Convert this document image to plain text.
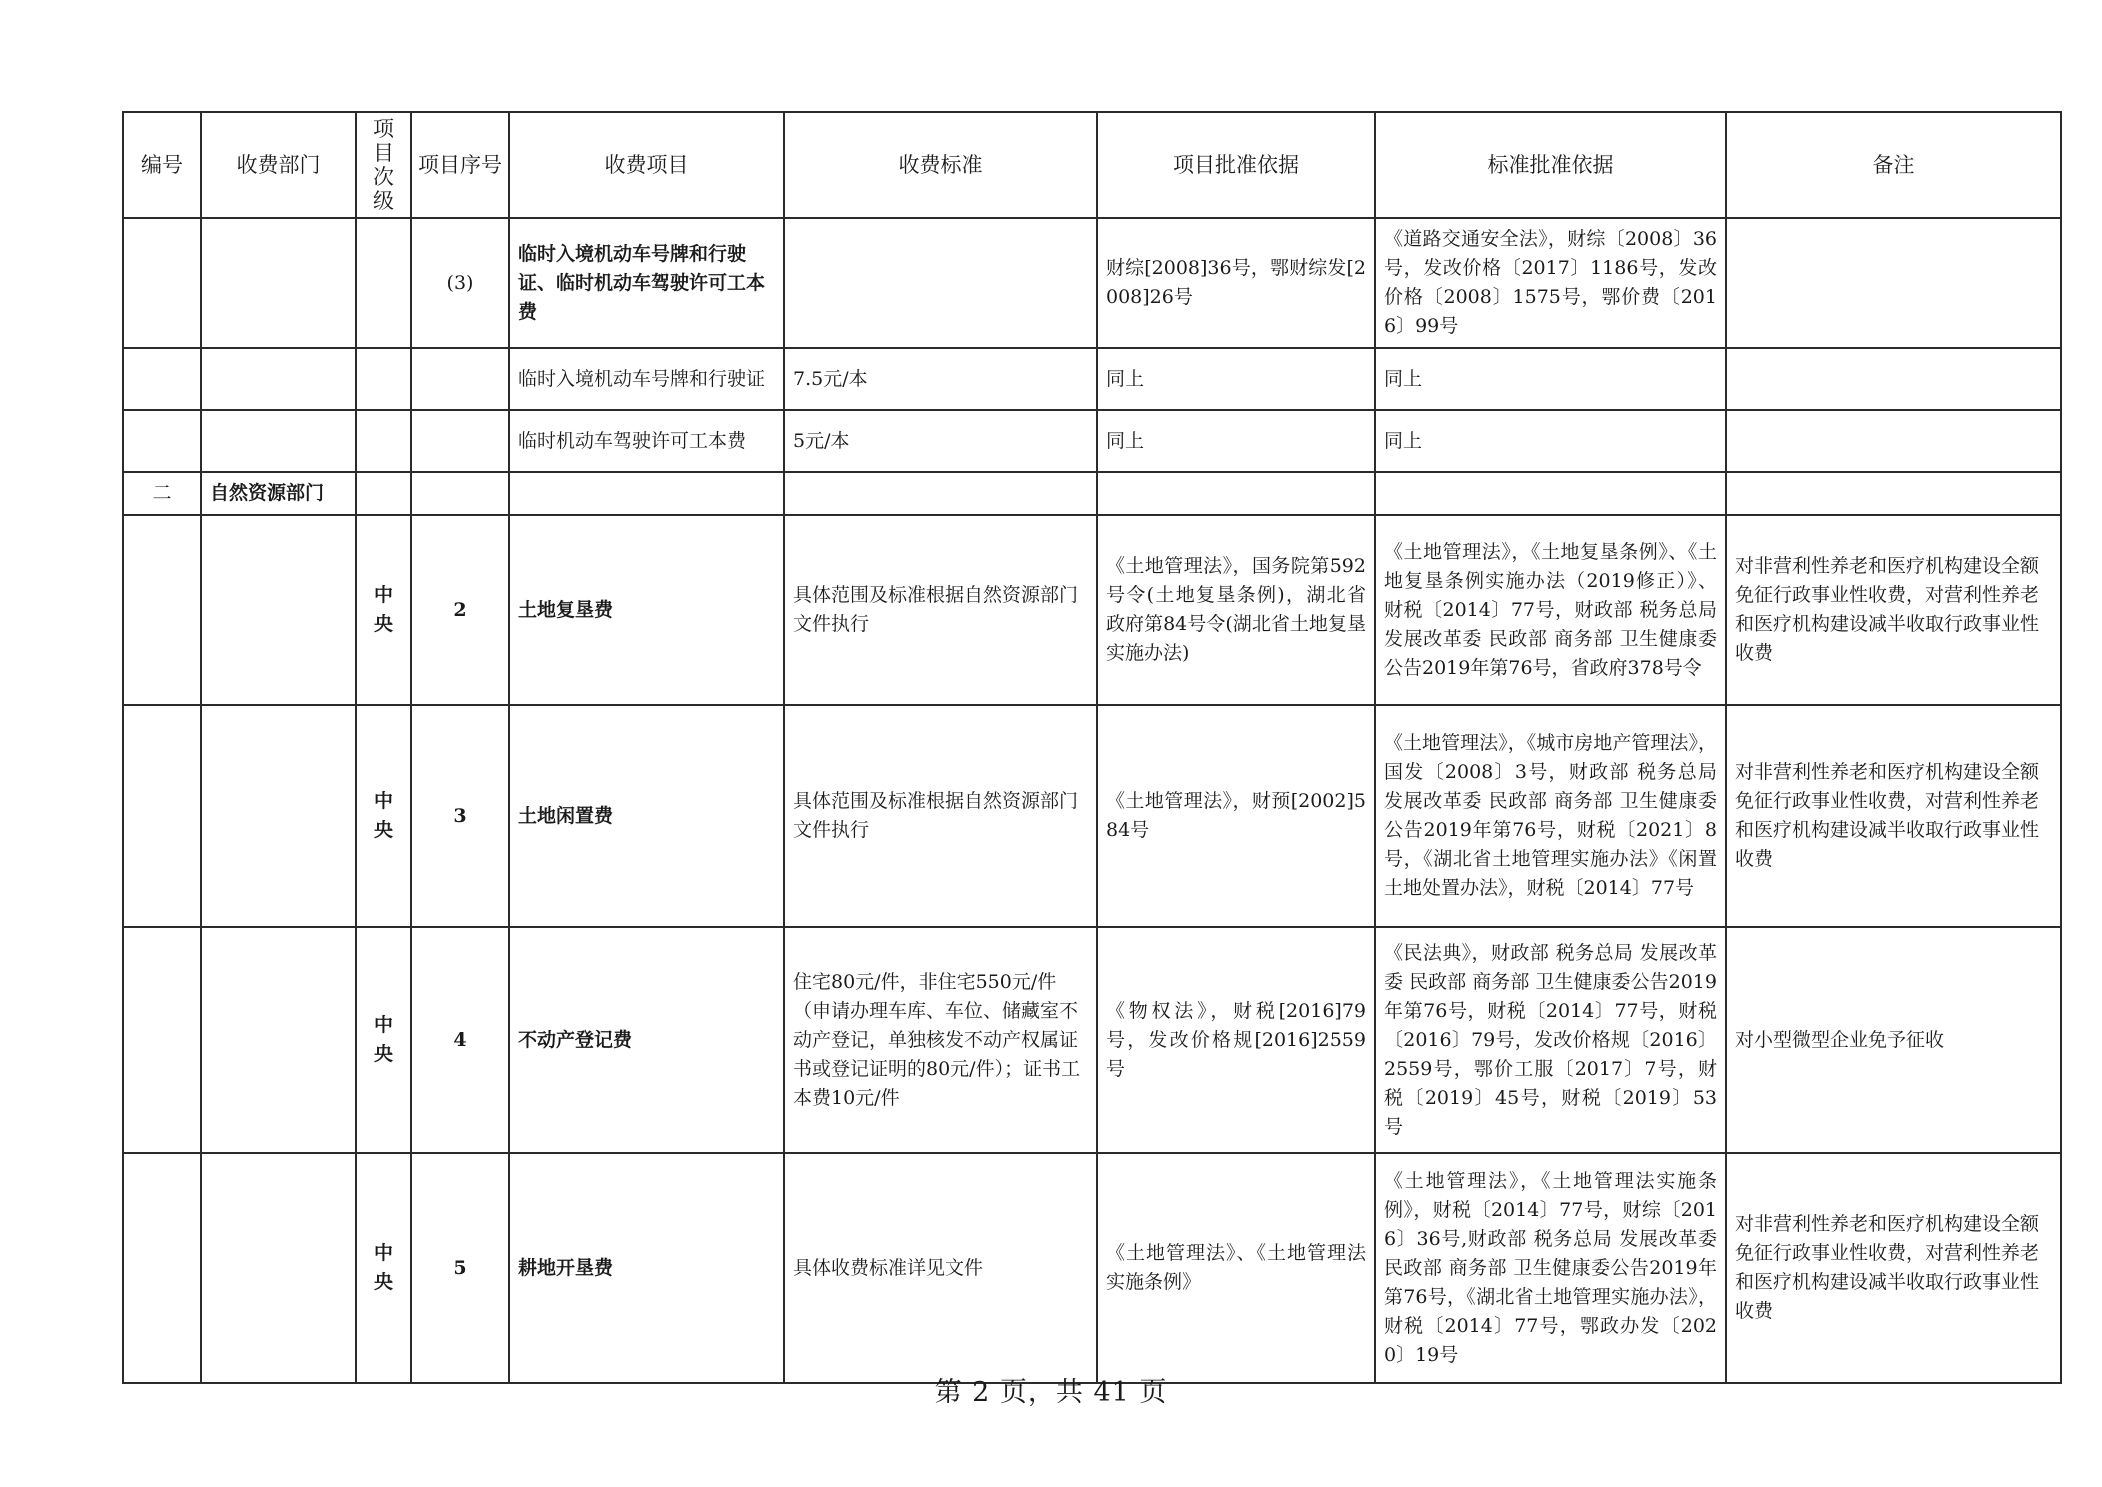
编号	收费部门	项目次级	项目序号	收费项目	收费标准	项目批准依据	标准批准依据	备注
			(3)	临时入境机动车号牌和行驶证、临时机动车驾驶许可工本费		财综[2008]36号，鄂财综发[2008]26号	《道路交通安全法》，财综〔2008〕36号，发改价格〔2017〕1186号，发改价格〔2008〕1575号，鄂价费〔2016〕99号	
				临时入境机动车号牌和行驶证	7.5元/本	同上	同上	
				临时机动车驾驶许可工本费	5元/本	同上	同上	
二	自然资源部门							
		中央	2	土地复垦费	具体范围及标准根据自然资源部门文件执行	《土地管理法》，国务院第592号令(土地复垦条例)，湖北省政府第84号令(湖北省土地复垦实施办法)	《土地管理法》，《土地复垦条例》、《土地复垦条例实施办法（2019修正）》、财税〔2014〕77号，财政部 税务总局 发展改革委 民政部 商务部 卫生健康委公告2019年第76号，省政府378号令	对非营利性养老和医疗机构建设全额免征行政事业性收费，对营利性养老和医疗机构建设减半收取行政事业性收费
		中央	3	土地闲置费	具体范围及标准根据自然资源部门文件执行	《土地管理法》，财预[2002]584号	《土地管理法》，《城市房地产管理法》，国发〔2008〕3号，财政部 税务总局 发展改革委 民政部 商务部 卫生健康委公告2019年第76号，财税〔2021〕8号，《湖北省土地管理实施办法》《闲置土地处置办法》，财税〔2014〕77号	对非营利性养老和医疗机构建设全额免征行政事业性收费，对营利性养老和医疗机构建设减半收取行政事业性收费
		中央	4	不动产登记费	住宅80元/件，非住宅550元/件（申请办理车库、车位、储藏室不动产登记，单独核发不动产权属证书或登记证明的80元/件）；证书工本费10元/件	《物权法》，财税[2016]79号，发改价格规[2016]2559号	《民法典》，财政部 税务总局 发展改革委 民政部 商务部 卫生健康委公告2019年第76号，财税〔2014〕77号，财税〔2016〕79号，发改价格规〔2016〕2559号，鄂价工服〔2017〕7号，财税〔2019〕45号，财税〔2019〕53号	对小型微型企业免予征收
		中央	5	耕地开垦费	具体收费标准详见文件	《土地管理法》、《土地管理法实施条例》	《土地管理法》，《土地管理法实施条例》，财税〔2014〕77号，财综〔2016〕36号,财政部 税务总局 发展改革委 民政部 商务部 卫生健康委公告2019年第76号，《湖北省土地管理实施办法》，财税〔2014〕77号，鄂政办发〔2020〕19号	对非营利性养老和医疗机构建设全额免征行政事业性收费，对营利性养老和医疗机构建设减半收取行政事业性收费
第 2 页，共 41 页
